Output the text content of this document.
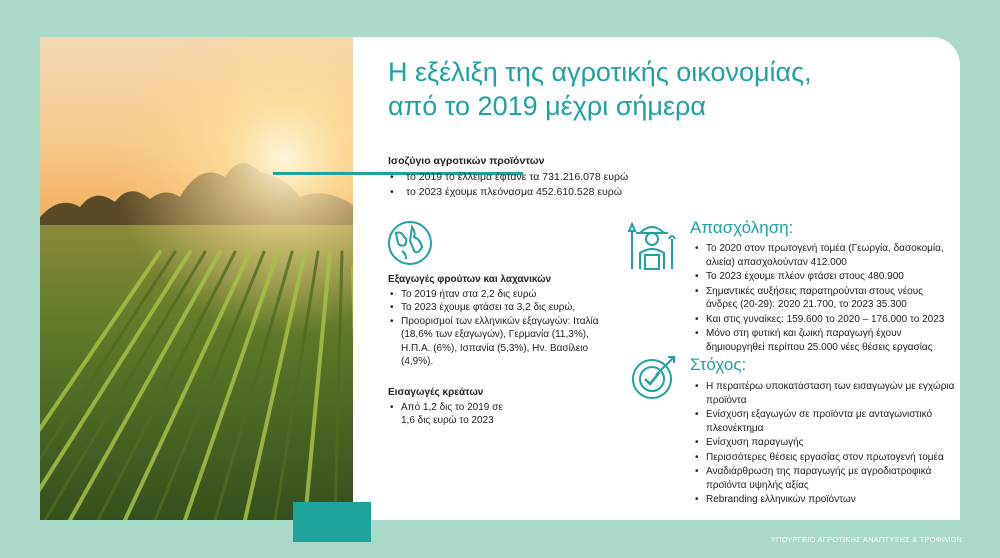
Η εξέλιξη της αγροτικής οικονομίας,
από το 2019 μέχρι σήμερα
Ισοζύγιο αγροτικών προϊόντων
• το 2019 το έλλειμα έφτανε τα 731.216.078 ευρώ
• το 2023 έχουμε πλεόνασμα 452.610.528 ευρώ
Εξαγωγές φρούτων και λαχανικών
• Το 2019 ήταν στα 2,2 δις ευρώ
• Το 2023 έχουμε φτάσει τα 3,2 δις ευρώ,
• Προορισμοί των ελληνικών εξαγωγών: Ιταλία (18,6% των εξαγωγών), Γερμανία (11,3%), Η.Π.Α. (6%), Ισπανία (5,3%), Ην. Βασίλειο (4,9%).
Εισαγωγές κρεάτων
• Από 1,2 δις το 2019 σε 1,6 δις ευρώ το 2023
Απασχόληση:
• Το 2020 στον πρωτογενή τομέα (Γεωργία, δασοκομία, αλιεία) απασχολούνταν 412.000
• Το 2023 έχουμε πλέον φτάσει στους 480.900
• Σημαντικές αυξήσεις παρατηρούνται στους νέους άνδρες (20-29): 2020 21.700, το 2023 35.300
• Και στις γυναίκες: 159.600 το 2020 – 176.000 το 2023
• Μόνο στη φυτική και ζωική παραγωγή έχουν δημιουργηθεί περίπου 25.000 νέες θέσεις εργασίας
Στόχος:
• Η περαιτέρω υποκατάσταση των εισαγωγών με εγχώρια προϊόντα
• Ενίσχυση εξαγωγών σε προϊόντα με ανταγωνιστικό πλεονέκτημα
• Ενίσχυση παραγωγής
• Περισσότερες θέσεις εργασίας στον πρωτογενή τομέα
• Αναδιάρθρωση της παραγωγής με αγροδιατροφικά προϊόντα υψηλής αξίας
• Rebranding ελληνικών προϊόντων
ΥΠΟΥΡΓΕΙΟ ΑΓΡΟΤΙΚΗΣ ΑΝΑΠΤΥΞΗΣ & ΤΡΟΦΙΜΩΝ
